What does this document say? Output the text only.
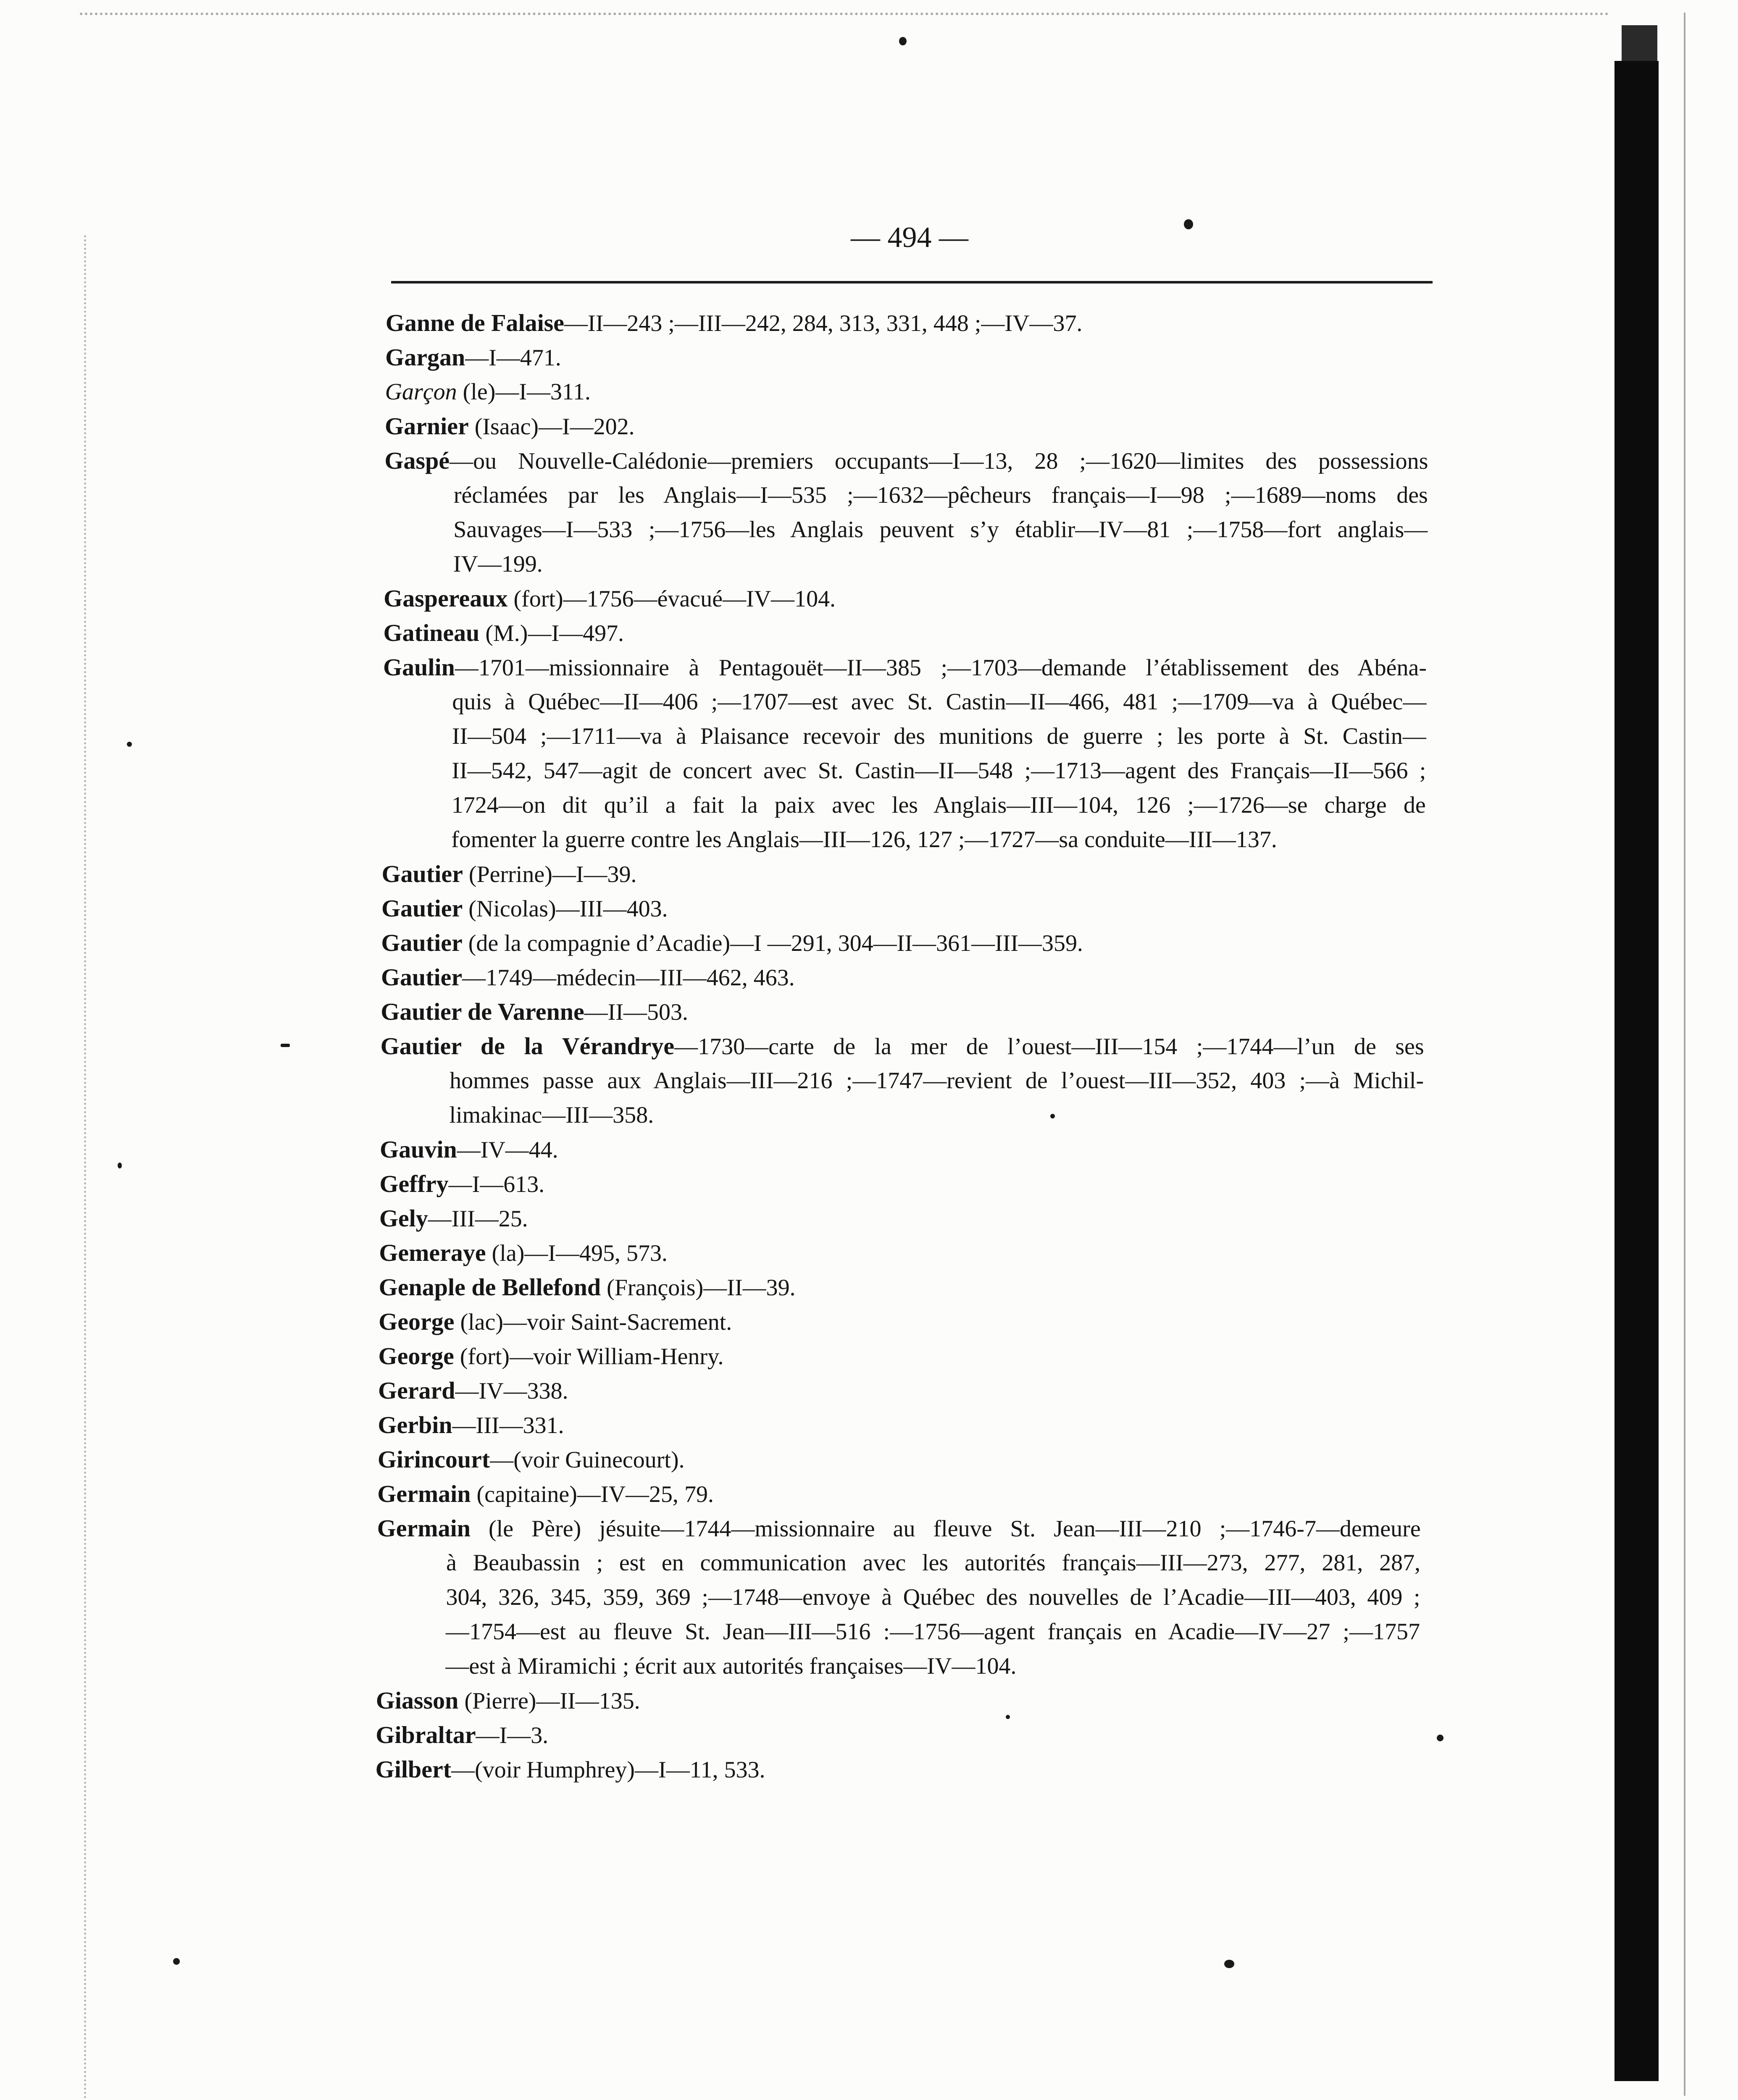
— 494 —
Ganne de Falaise—II—243 ;—III—242, 284, 313, 331, 448 ;—IV—37.
Gargan—I—471.
Garçon (le)—I—311.
Garnier (Isaac)—I—202.
Gaspé—ou Nouvelle-Calédonie—premiers occupants—I—13, 28 ;—1620—limites des possessions
réclamées par les Anglais—I—535 ;—1632—pêcheurs français—I—98 ;—1689—noms des
Sauvages—I—533 ;—1756—les Anglais peuvent s’y établir—IV—81 ;—1758—fort anglais—
IV—199.
Gaspereaux (fort)—1756—évacué—IV—104.
Gatineau (M.)—I—497.
Gaulin—1701—missionnaire à Pentagouët—II—385 ;—1703—demande l’établissement des Abéna-
quis à Québec—II—406 ;—1707—est avec St. Castin—II—466, 481 ;—1709—va à Québec—
II—504 ;—1711—va à Plaisance recevoir des munitions de guerre ; les porte à St. Castin—
II—542, 547—agit de concert avec St. Castin—II—548 ;—1713—agent des Français—II—566 ;
1724—on dit qu’il a fait la paix avec les Anglais—III—104, 126 ;—1726—se charge de
fomenter la guerre contre les Anglais—III—126, 127 ;—1727—sa conduite—III—137.
Gautier (Perrine)—I—39.
Gautier (Nicolas)—III—403.
Gautier (de la compagnie d’Acadie)—I —291, 304—II—361—III—359.
Gautier—1749—médecin—III—462, 463.
Gautier de Varenne—II—503.
Gautier de la Vérandrye—1730—carte de la mer de l’ouest—III—154 ;—1744—l’un de ses
hommes passe aux Anglais—III—216 ;—1747—revient de l’ouest—III—352, 403 ;—à Michil-
limakinac—III—358.
Gauvin—IV—44.
Geffry—I—613.
Gely—III—25.
Gemeraye (la)—I—495, 573.
Genaple de Bellefond (François)—II—39.
George (lac)—voir Saint-Sacrement.
George (fort)—voir William-Henry.
Gerard—IV—338.
Gerbin—III—331.
Girincourt—(voir Guinecourt).
Germain (capitaine)—IV—25, 79.
Germain (le Père) jésuite—1744—missionnaire au fleuve St. Jean—III—210 ;—1746-7—demeure
à Beaubassin ; est en communication avec les autorités français—III—273, 277, 281, 287,
304, 326, 345, 359, 369 ;—1748—envoye à Québec des nouvelles de l’Acadie—III—403, 409 ;
—1754—est au fleuve St. Jean—III—516 :—1756—agent français en Acadie—IV—27 ;—1757
—est à Miramichi ; écrit aux autorités françaises—IV—104.
Giasson (Pierre)—II—135.
Gibraltar—I—3.
Gilbert—(voir Humphrey)—I—11, 533.
